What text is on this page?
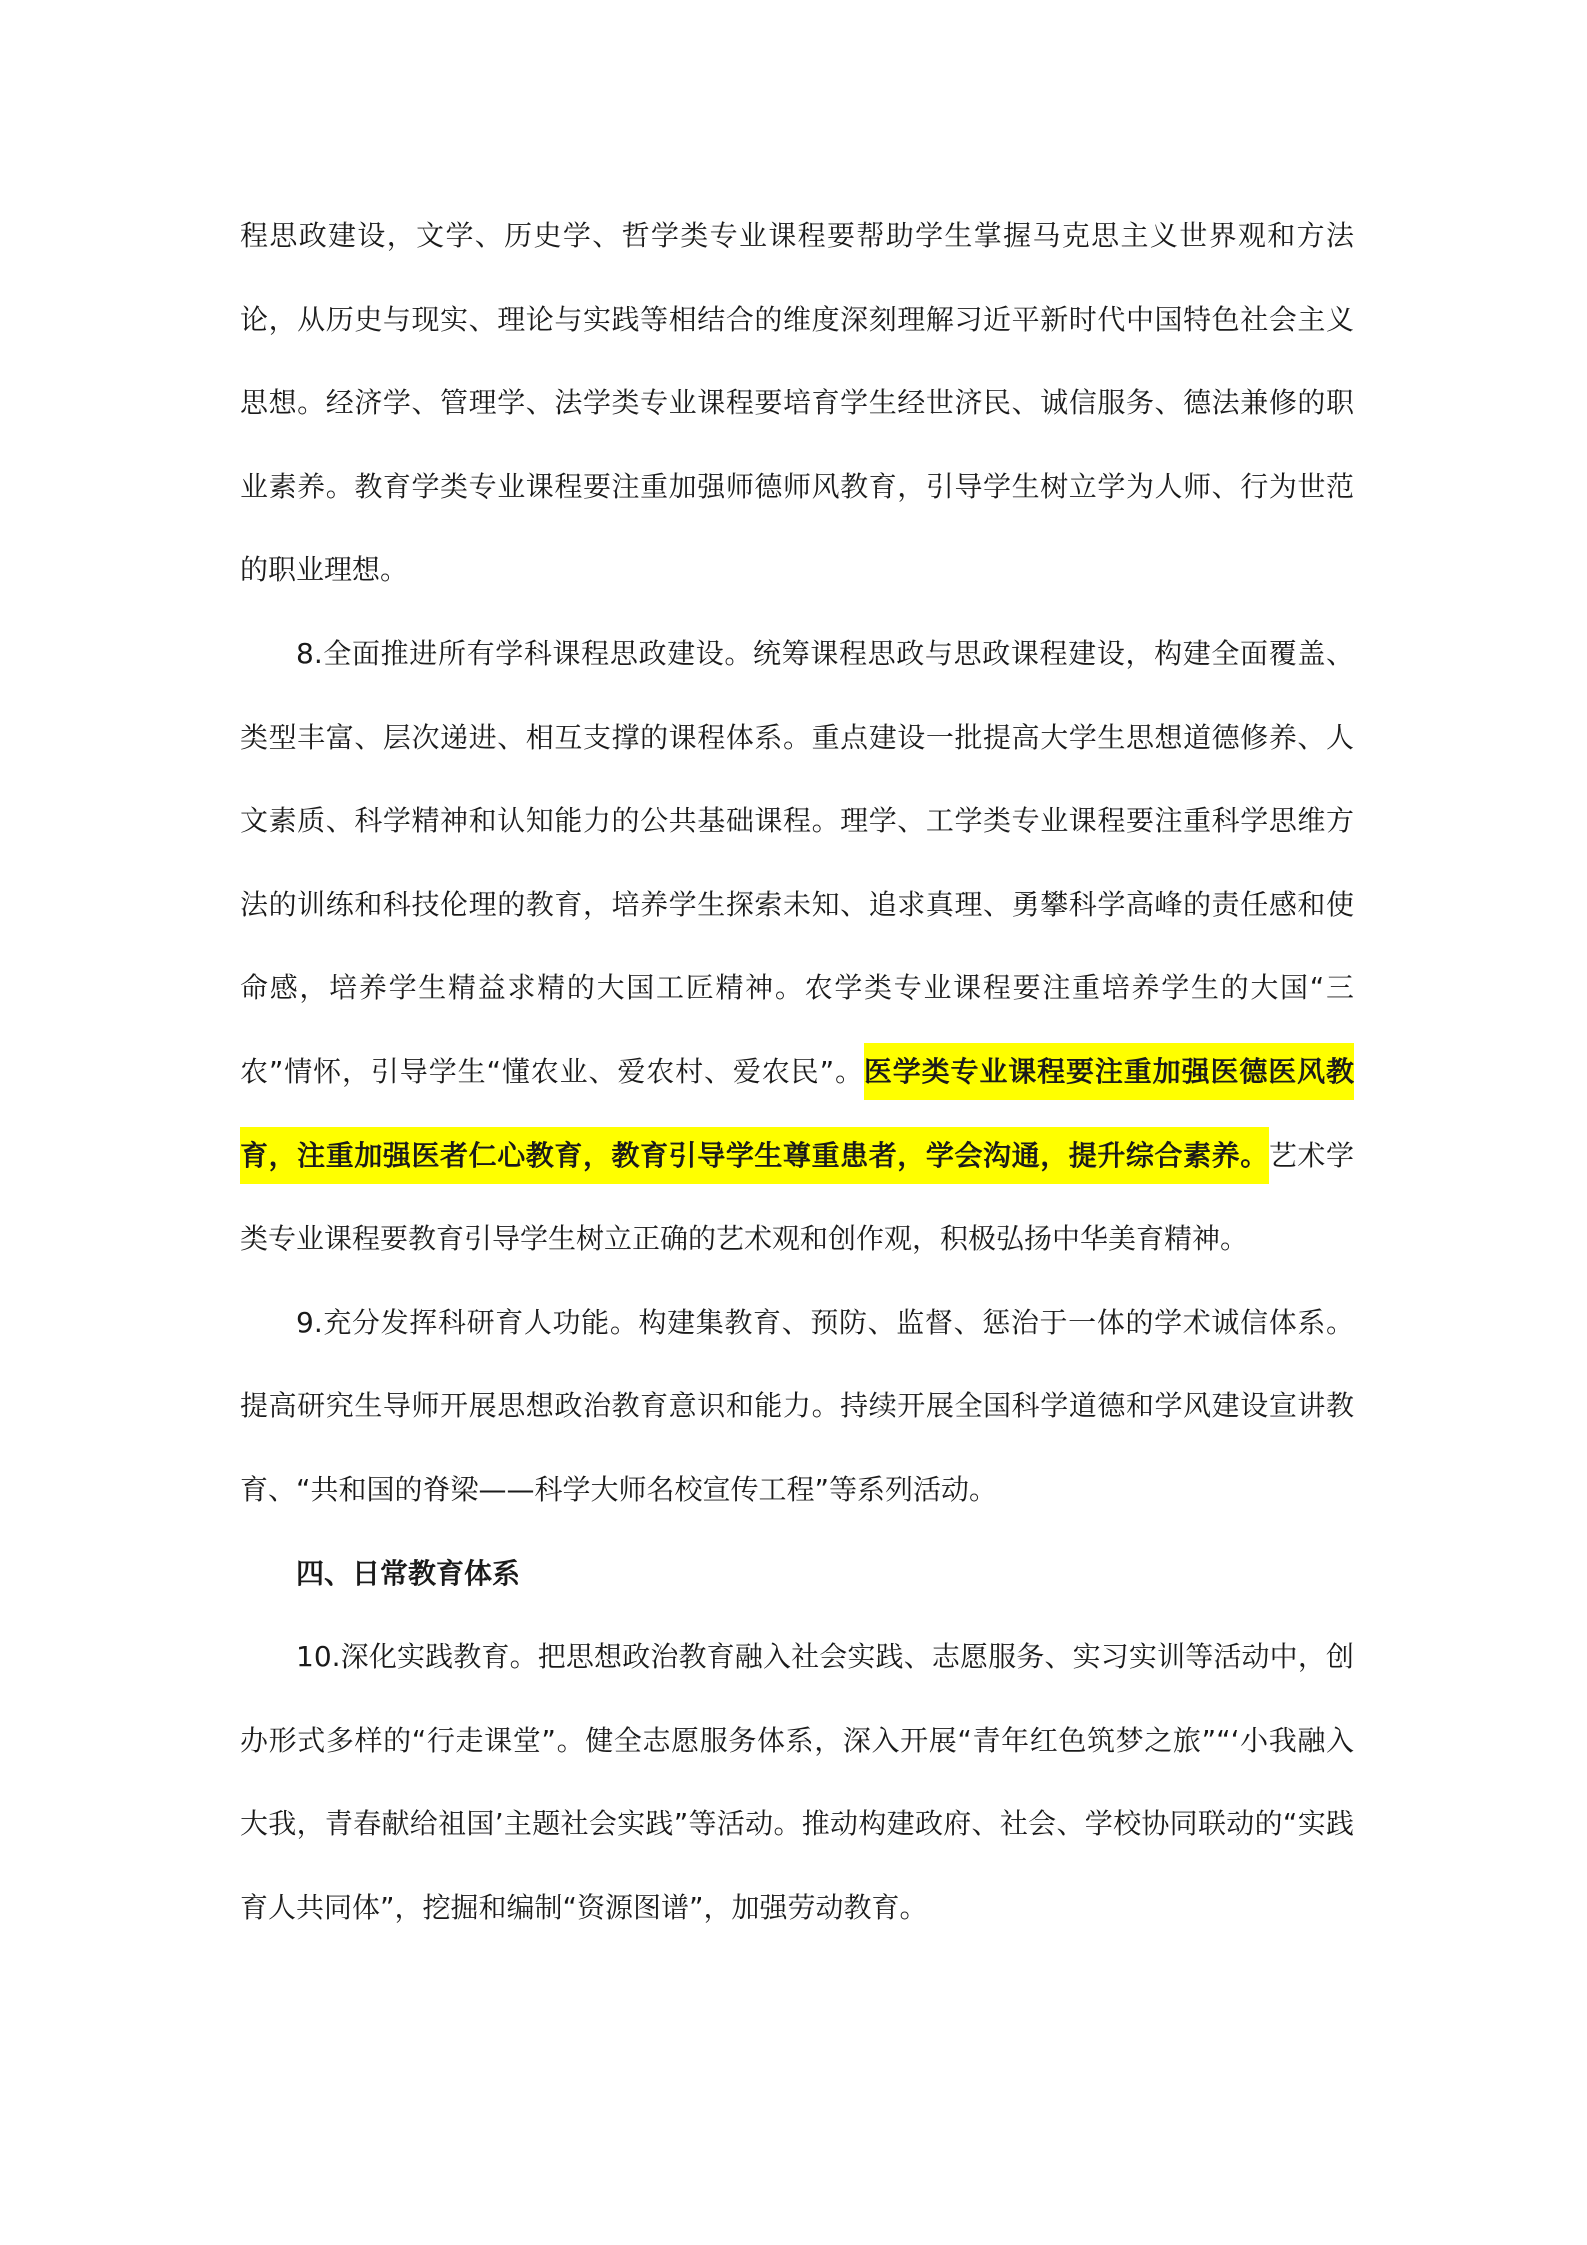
程思政建设，文学、历史学、哲学类专业课程要帮助学生掌握马克思主义世界观和方法论，从历史与现实、理论与实践等相结合的维度深刻理解习近平新时代中国特色社会主义思想。经济学、管理学、法学类专业课程要培育学生经世济民、诚信服务、德法兼修的职业素养。教育学类专业课程要注重加强师德师风教育，引导学生树立学为人师、行为世范的职业理想。

8.全面推进所有学科课程思政建设。统筹课程思政与思政课程建设，构建全面覆盖、类型丰富、层次递进、相互支撑的课程体系。重点建设一批提高大学生思想道德修养、人文素质、科学精神和认知能力的公共基础课程。理学、工学类专业课程要注重科学思维方法的训练和科技伦理的教育，培养学生探索未知、追求真理、勇攀科学高峰的责任感和使命感，培养学生精益求精的大国工匠精神。农学类专业课程要注重培养学生的大国“三农”情怀，引导学生“懂农业、爱农村、爱农民”。医学类专业课程要注重加强医德医风教育，注重加强医者仁心教育，教育引导学生尊重患者，学会沟通，提升综合素养。艺术学类专业课程要教育引导学生树立正确的艺术观和创作观，积极弘扬中华美育精神。

9.充分发挥科研育人功能。构建集教育、预防、监督、惩治于一体的学术诚信体系。提高研究生导师开展思想政治教育意识和能力。持续开展全国科学道德和学风建设宣讲教育、“共和国的脊梁——科学大师名校宣传工程”等系列活动。

四、日常教育体系

10.深化实践教育。把思想政治教育融入社会实践、志愿服务、实习实训等活动中，创办形式多样的“行走课堂”。健全志愿服务体系，深入开展“青年红色筑梦之旅”“‘小我融入大我，青春献给祖国’主题社会实践”等活动。推动构建政府、社会、学校协同联动的“实践育人共同体”，挖掘和编制“资源图谱”，加强劳动教育。
